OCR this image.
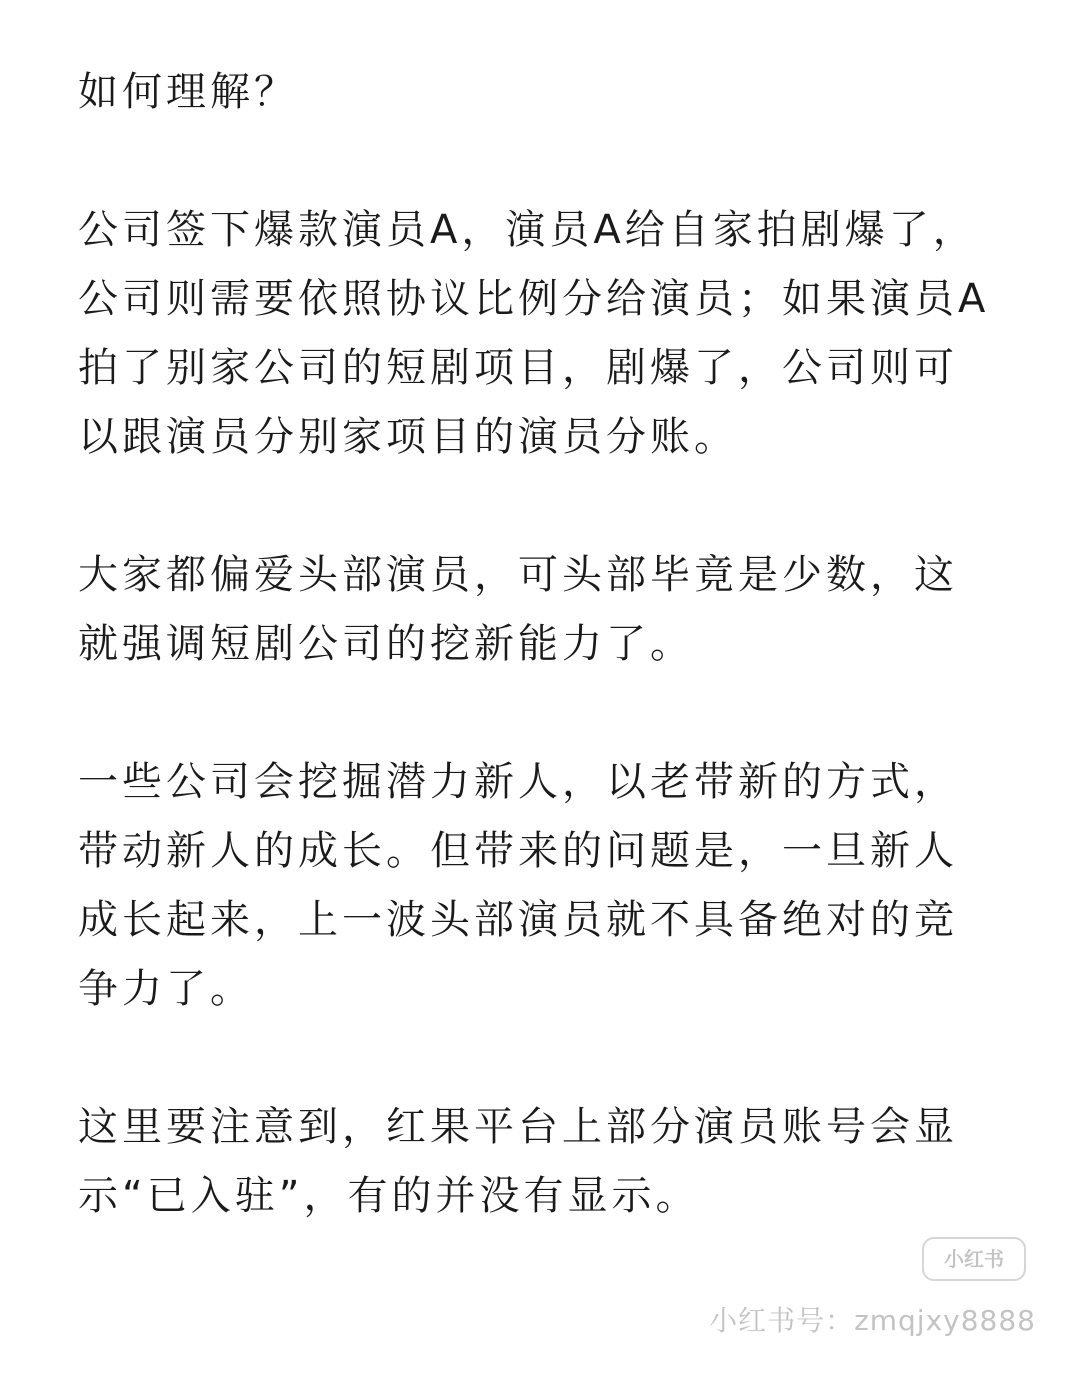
如何理解？

公司签下爆款演员A，演员A给自家拍剧爆了，
公司则需要依照协议比例分给演员；如果演员A
拍了别家公司的短剧项目，剧爆了，公司则可
以跟演员分别家项目的演员分账。

大家都偏爱头部演员，可头部毕竟是少数，这
就强调短剧公司的挖新能力了。

一些公司会挖掘潜力新人，以老带新的方式，
带动新人的成长。但带来的问题是，一旦新人
成长起来，上一波头部演员就不具备绝对的竞
争力了。

这里要注意到，红果平台上部分演员账号会显
示“已入驻”，有的并没有显示。

小红书
小红书号：zmqjxy8888
